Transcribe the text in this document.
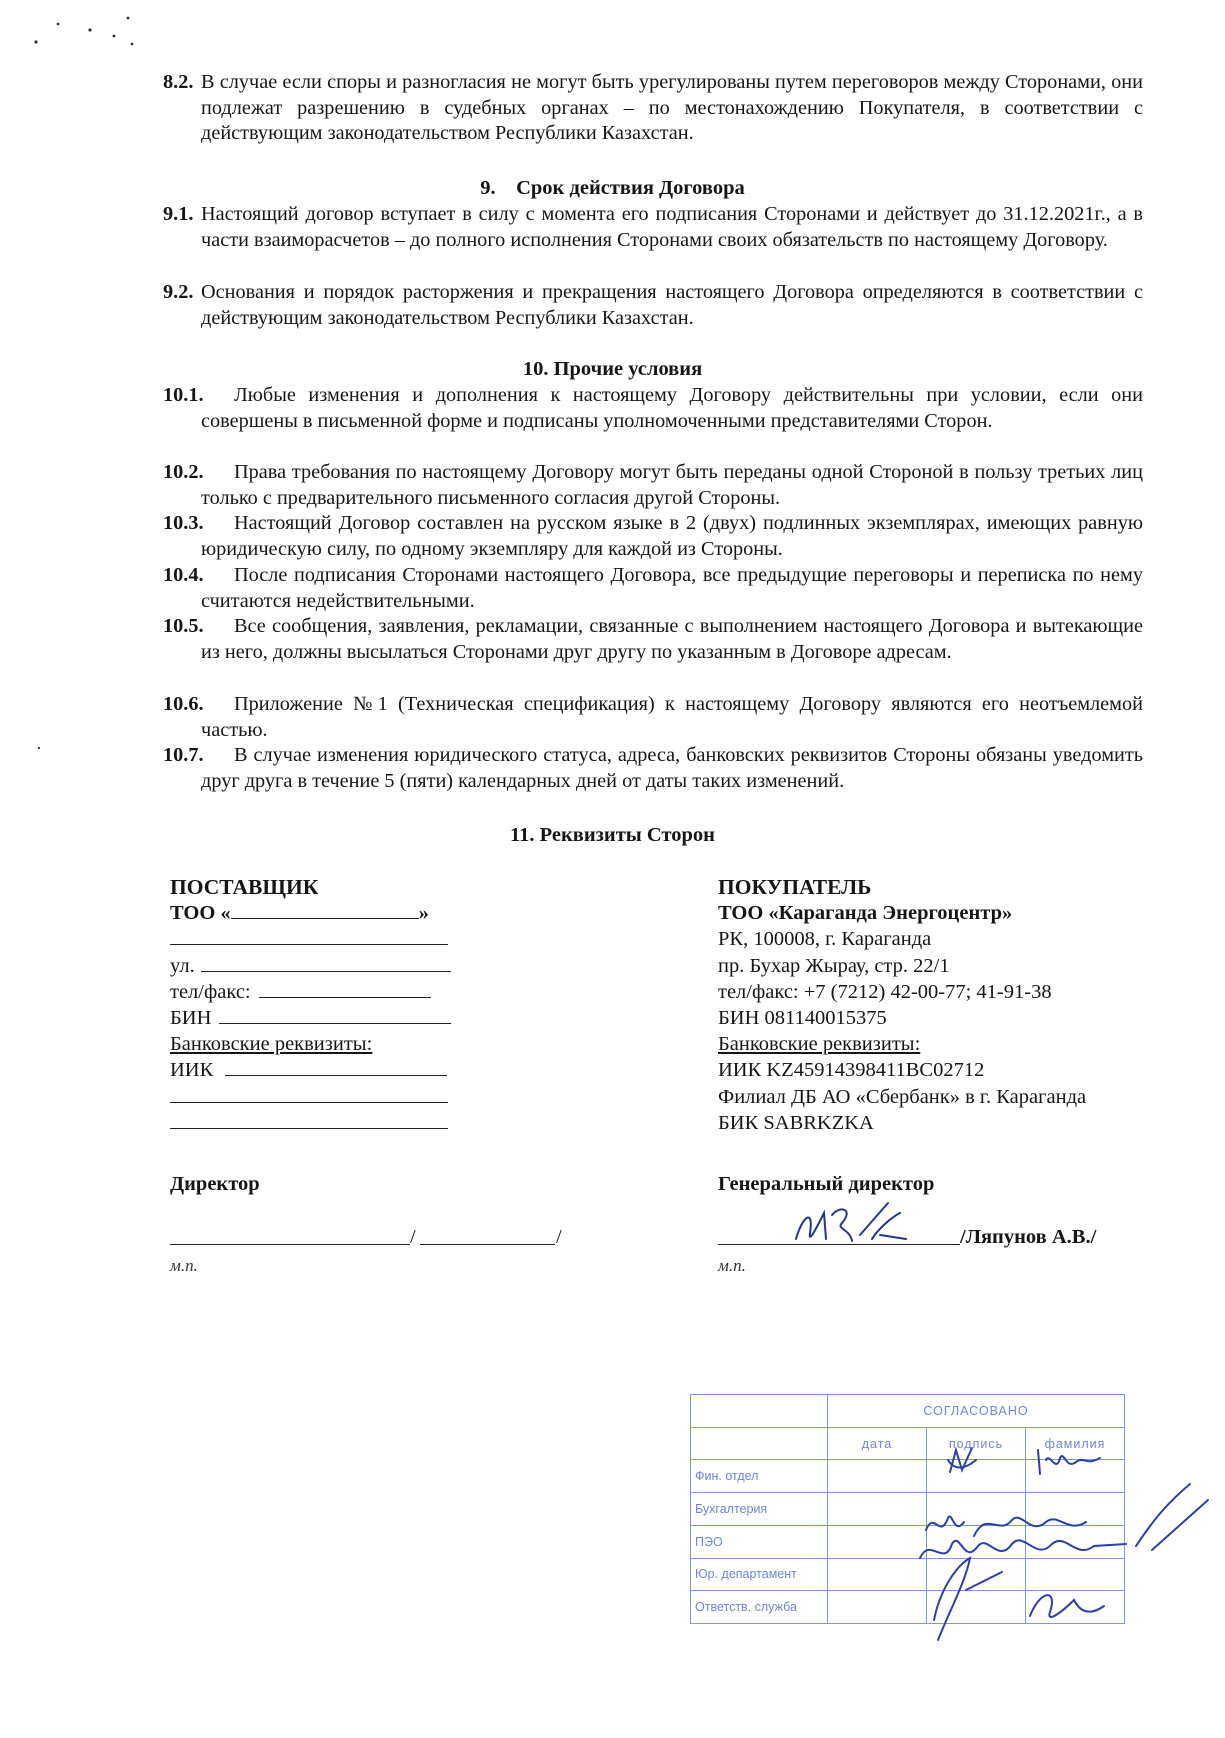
8.2. В случае если споры и разногласия не могут быть урегулированы путем переговоров между Сторонами, они подлежат разрешению в судебных органах – по местонахождению Покупателя, в соответствии с действующим законодательством Республики Казахстан.
9. Срок действия Договора
9.1. Настоящий договор вступает в силу с момента его подписания Сторонами и действует до 31.12.2021г., а в части взаиморасчетов – до полного исполнения Сторонами своих обязательств по настоящему Договору.
9.2. Основания и порядок расторжения и прекращения настоящего Договора определяются в соответствии с действующим законодательством Республики Казахстан.
10. Прочие условия
10.1.	Любые изменения и дополнения к настоящему Договору действительны при условии, если они совершены в письменной форме и подписаны уполномоченными представителями Сторон.
10.2.	Права требования по настоящему Договору могут быть переданы одной Стороной в пользу третьих лиц только с предварительного письменного согласия другой Стороны.
10.3.	Настоящий Договор составлен на русском языке в 2 (двух) подлинных экземплярах, имеющих равную юридическую силу, по одному экземпляру для каждой из Стороны.
10.4.	После подписания Сторонами настоящего Договора, все предыдущие переговоры и переписка по нему считаются недействительными.
10.5.	Все сообщения, заявления, рекламации, связанные с выполнением настоящего Договора и вытекающие из него, должны высылаться Сторонами друг другу по указанным в Договоре адресам.
10.6.	Приложение №1 (Техническая спецификация) к настоящему Договору являются его неотъемлемой частью.
10.7.	В случае изменения юридического статуса, адреса, банковских реквизитов Стороны обязаны уведомить друг друга в течение 5 (пяти) календарных дней от даты таких изменений.
11. Реквизиты Сторон
ПОСТАВЩИК
ТОО «	»
ул.
тел/факс:
БИН
Банковские реквизиты:
ИИК
Директор
/	/
м.п.
ПОКУПАТЕЛЬ
ТОО «Караганда Энергоцентр»
РК, 100008, г. Караганда
пр. Бухар Жырау, стр. 22/1
тел/факс: +7 (7212) 42-00-77; 41-91-38
БИН 081140015375
Банковские реквизиты:
ИИК KZ45914398411BC02712
Филиал ДБ АО «Сбербанк» в г. Караганда
БИК SABRKZKA
Генеральный директор
/Ляпунов А.В./
м.п.
	СОГЛАСОВАНО		
	дата	подпись	фамилия
Фин. отдел			
Бухгалтерия			
ПЭО			
Юр. департамент			
Ответств. служба			
